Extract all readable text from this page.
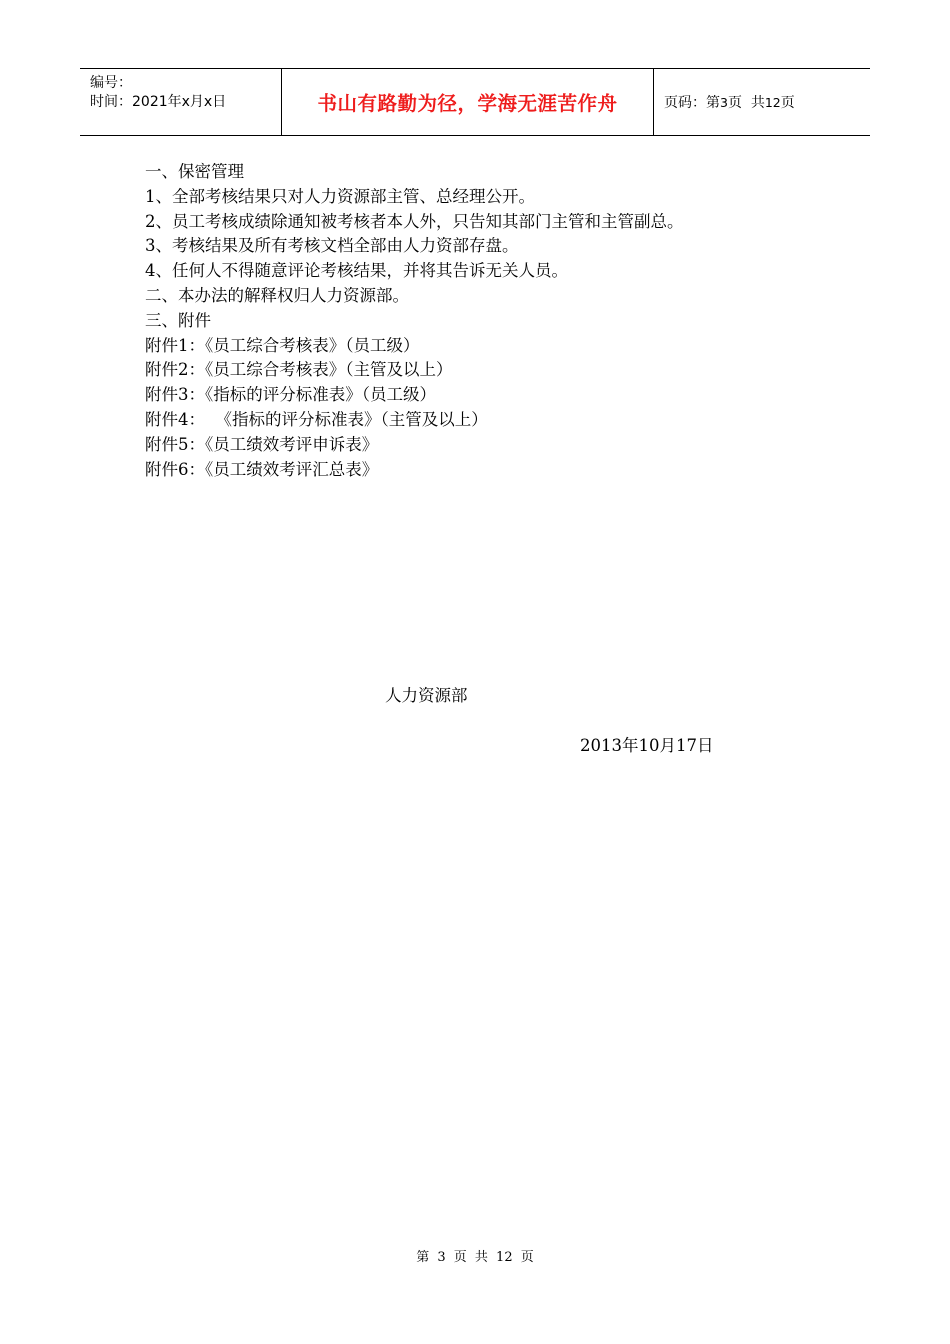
编号：
时间：2021年x月x日	书山有路勤为径，学海无涯苦作舟	页码：第 3 页  共 12 页
一、保密管理
1、全部考核结果只对人力资源部主管、总经理公开。
2、员工考核成绩除通知被考核者本人外，只告知其部门主管和主管副总。
3、考核结果及所有考核文档全部由人力资部存盘。
4、任何人不得随意评论考核结果，并将其告诉无关人员。
二、本办法的解释权归人力资源部。
三、附件
附件1：《员工综合考核表》（员工级）
附件2：《员工综合考核表》（主管及以上）
附件3：《指标的评分标准表》（员工级）
附件4：  《指标的评分标准表》（主管及以上）
附件5：《员工绩效考评申诉表》
附件6：《员工绩效考评汇总表》
人力资源部
2013年10月17日
第 3 页 共 12 页
